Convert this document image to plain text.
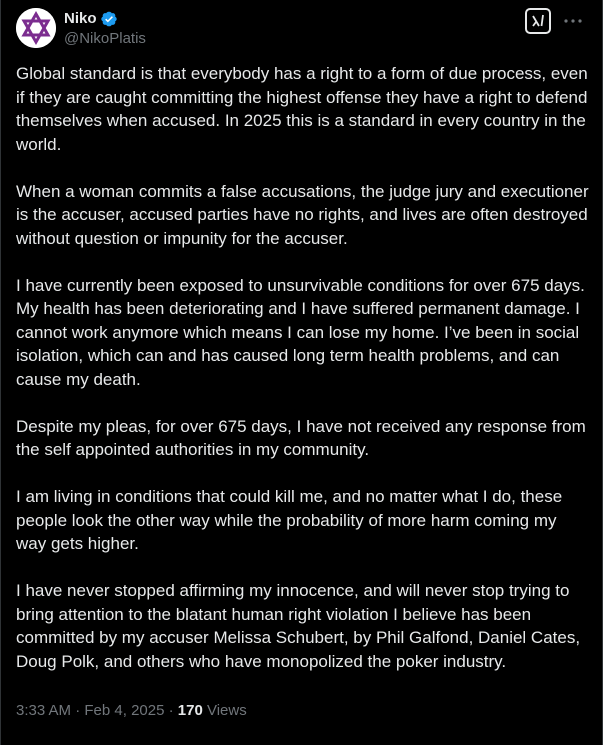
Niko
@NikoPlatis

Global standard is that everybody has a right to a form of due process, even if they are caught committing the highest offense they have a right to defend themselves when accused. In 2025 this is a standard in every country in the world.

When a woman commits a false accusations, the judge jury and executioner is the accuser, accused parties have no rights, and lives are often destroyed without question or impunity for the accuser.

I have currently been exposed to unsurvivable conditions for over 675 days. My health has been deteriorating and I have suffered permanent damage. I cannot work anymore which means I can lose my home. I’ve been in social isolation, which can and has caused long term health problems, and can cause my death.

Despite my pleas, for over 675 days, I have not received any response from the self appointed authorities in my community.

I am living in conditions that could kill me, and no matter what I do, these people look the other way while the probability of more harm coming my way gets higher.

I have never stopped affirming my innocence, and will never stop trying to bring attention to the blatant human right violation I believe has been committed by my accuser Melissa Schubert, by Phil Galfond, Daniel Cates, Doug Polk, and others who have monopolized the poker industry.

3:33 AM · Feb 4, 2025 · 170 Views
